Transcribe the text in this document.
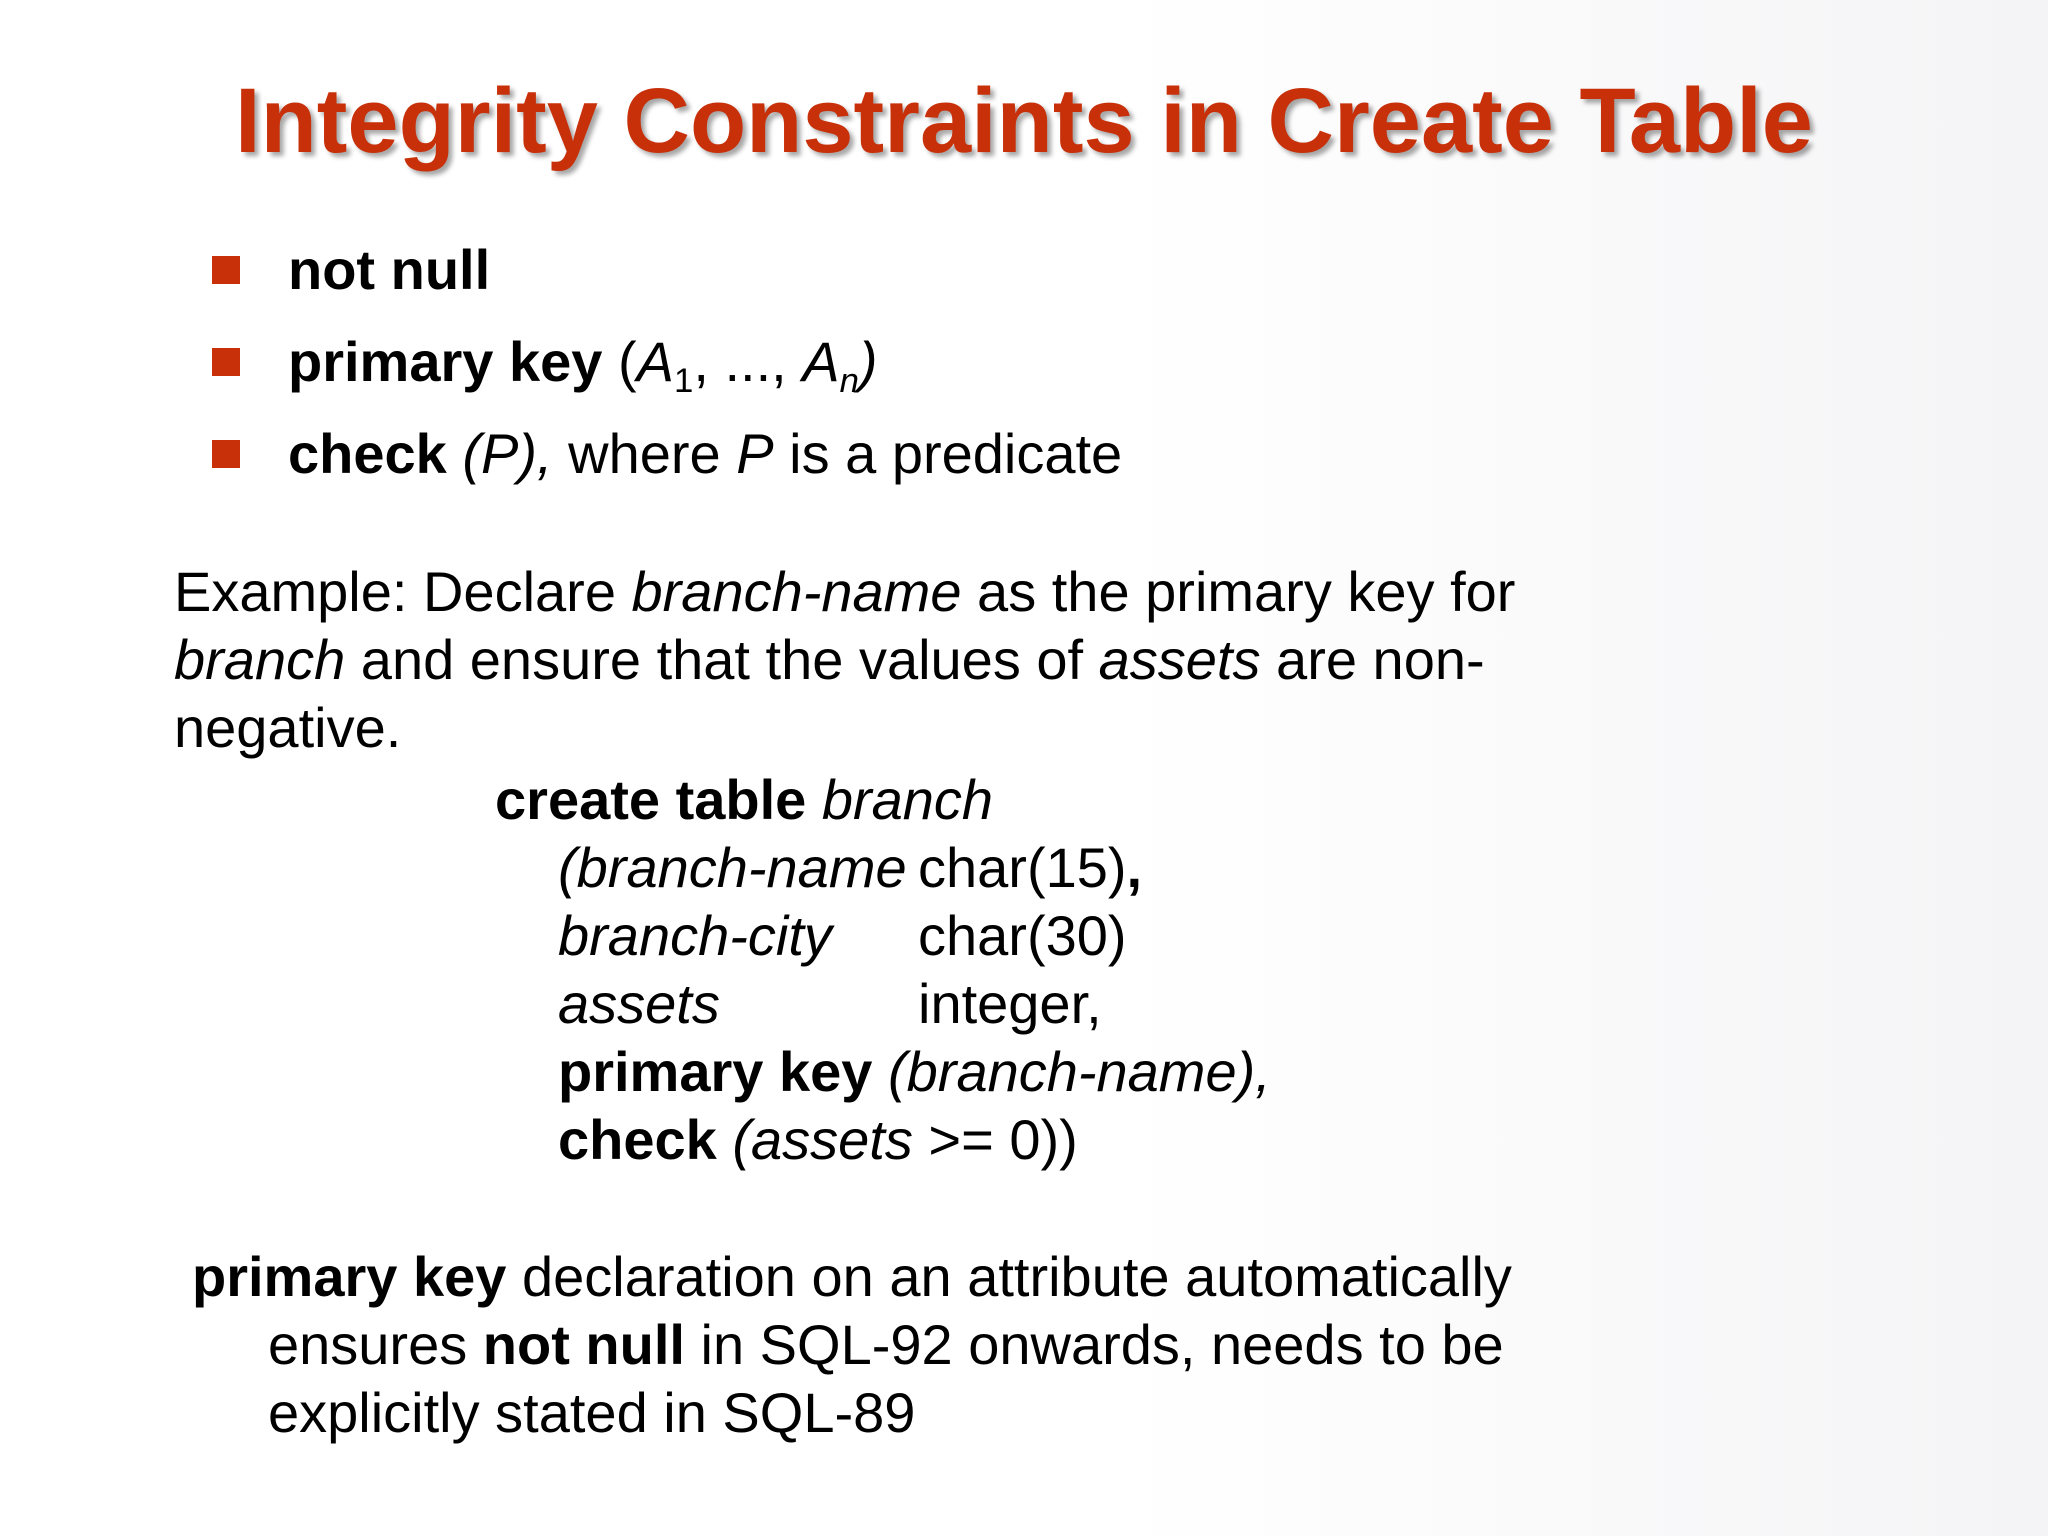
Integrity Constraints in Create Table
not null
primary key ($A_1$, ..., $A_n$)
check (P), where P is a predicate
Example: Declare branch-name as the primary key for
branch and ensure that the values of assets are non-
negative.
create table branch
(branch-name char(15),
branch-city char(30)
assets	integer,
primary key (branch-name),
check (assets >= 0))
primary key declaration on an attribute automatically
ensures not null in SQL-92 onwards, needs to be
explicitly stated in SQL-89
